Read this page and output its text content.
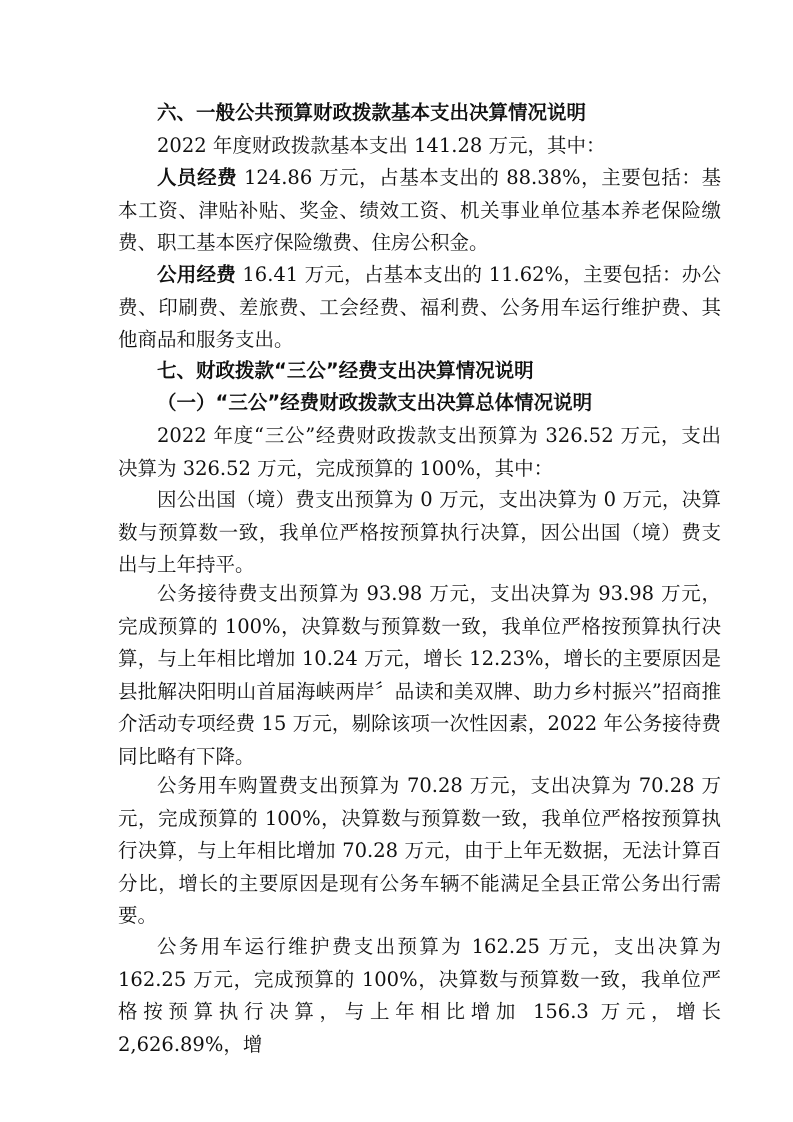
六、一般公共预算财政拨款基本支出决算情况说明
2022 年度财政拨款基本支出 141.28 万元，其中：
人员经费 124.86 万元，占基本支出的 88.38%，主要包括：基本工资、津贴补贴、奖金、绩效工资、机关事业单位基本养老保险缴费、职工基本医疗保险缴费、住房公积金。
公用经费 16.41 万元，占基本支出的 11.62%，主要包括：办公费、印刷费、差旅费、工会经费、福利费、公务用车运行维护费、其他商品和服务支出。
七、财政拨款“三公”经费支出决算情况说明
（一）“三公”经费财政拨款支出决算总体情况说明
2022 年度“三公”经费财政拨款支出预算为 326.52 万元，支出决算为 326.52 万元，完成预算的 100%，其中：
因公出国（境）费支出预算为 0 万元，支出决算为 0 万元，决算数与预算数一致，我单位严格按预算执行决算，因公出国（境）费支出与上年持平。
公务接待费支出预算为 93.98 万元，支出决算为 93.98 万元，完成预算的 100%，决算数与预算数一致，我单位严格按预算执行决算，与上年相比增加 10.24 万元，增长 12.23%，增长的主要原因是县批解决阳明山首届海峡两岸〞品读和美双牌、助力乡村振兴”招商推介活动专项经费 15 万元，剔除该项一次性因素，2022 年公务接待费同比略有下降。
公务用车购置费支出预算为 70.28 万元，支出决算为 70.28 万元，完成预算的 100%，决算数与预算数一致，我单位严格按预算执行决算，与上年相比增加 70.28 万元，由于上年无数据，无法计算百分比，增长的主要原因是现有公务车辆不能满足全县正常公务出行需要。
公务用车运行维护费支出预算为 162.25 万元，支出决算为 162.25 万元，完成预算的 100%，决算数与预算数一致，我单位严格按预算执行决算，与上年相比增加 156.3 万元，增长 2,626.89%，增
